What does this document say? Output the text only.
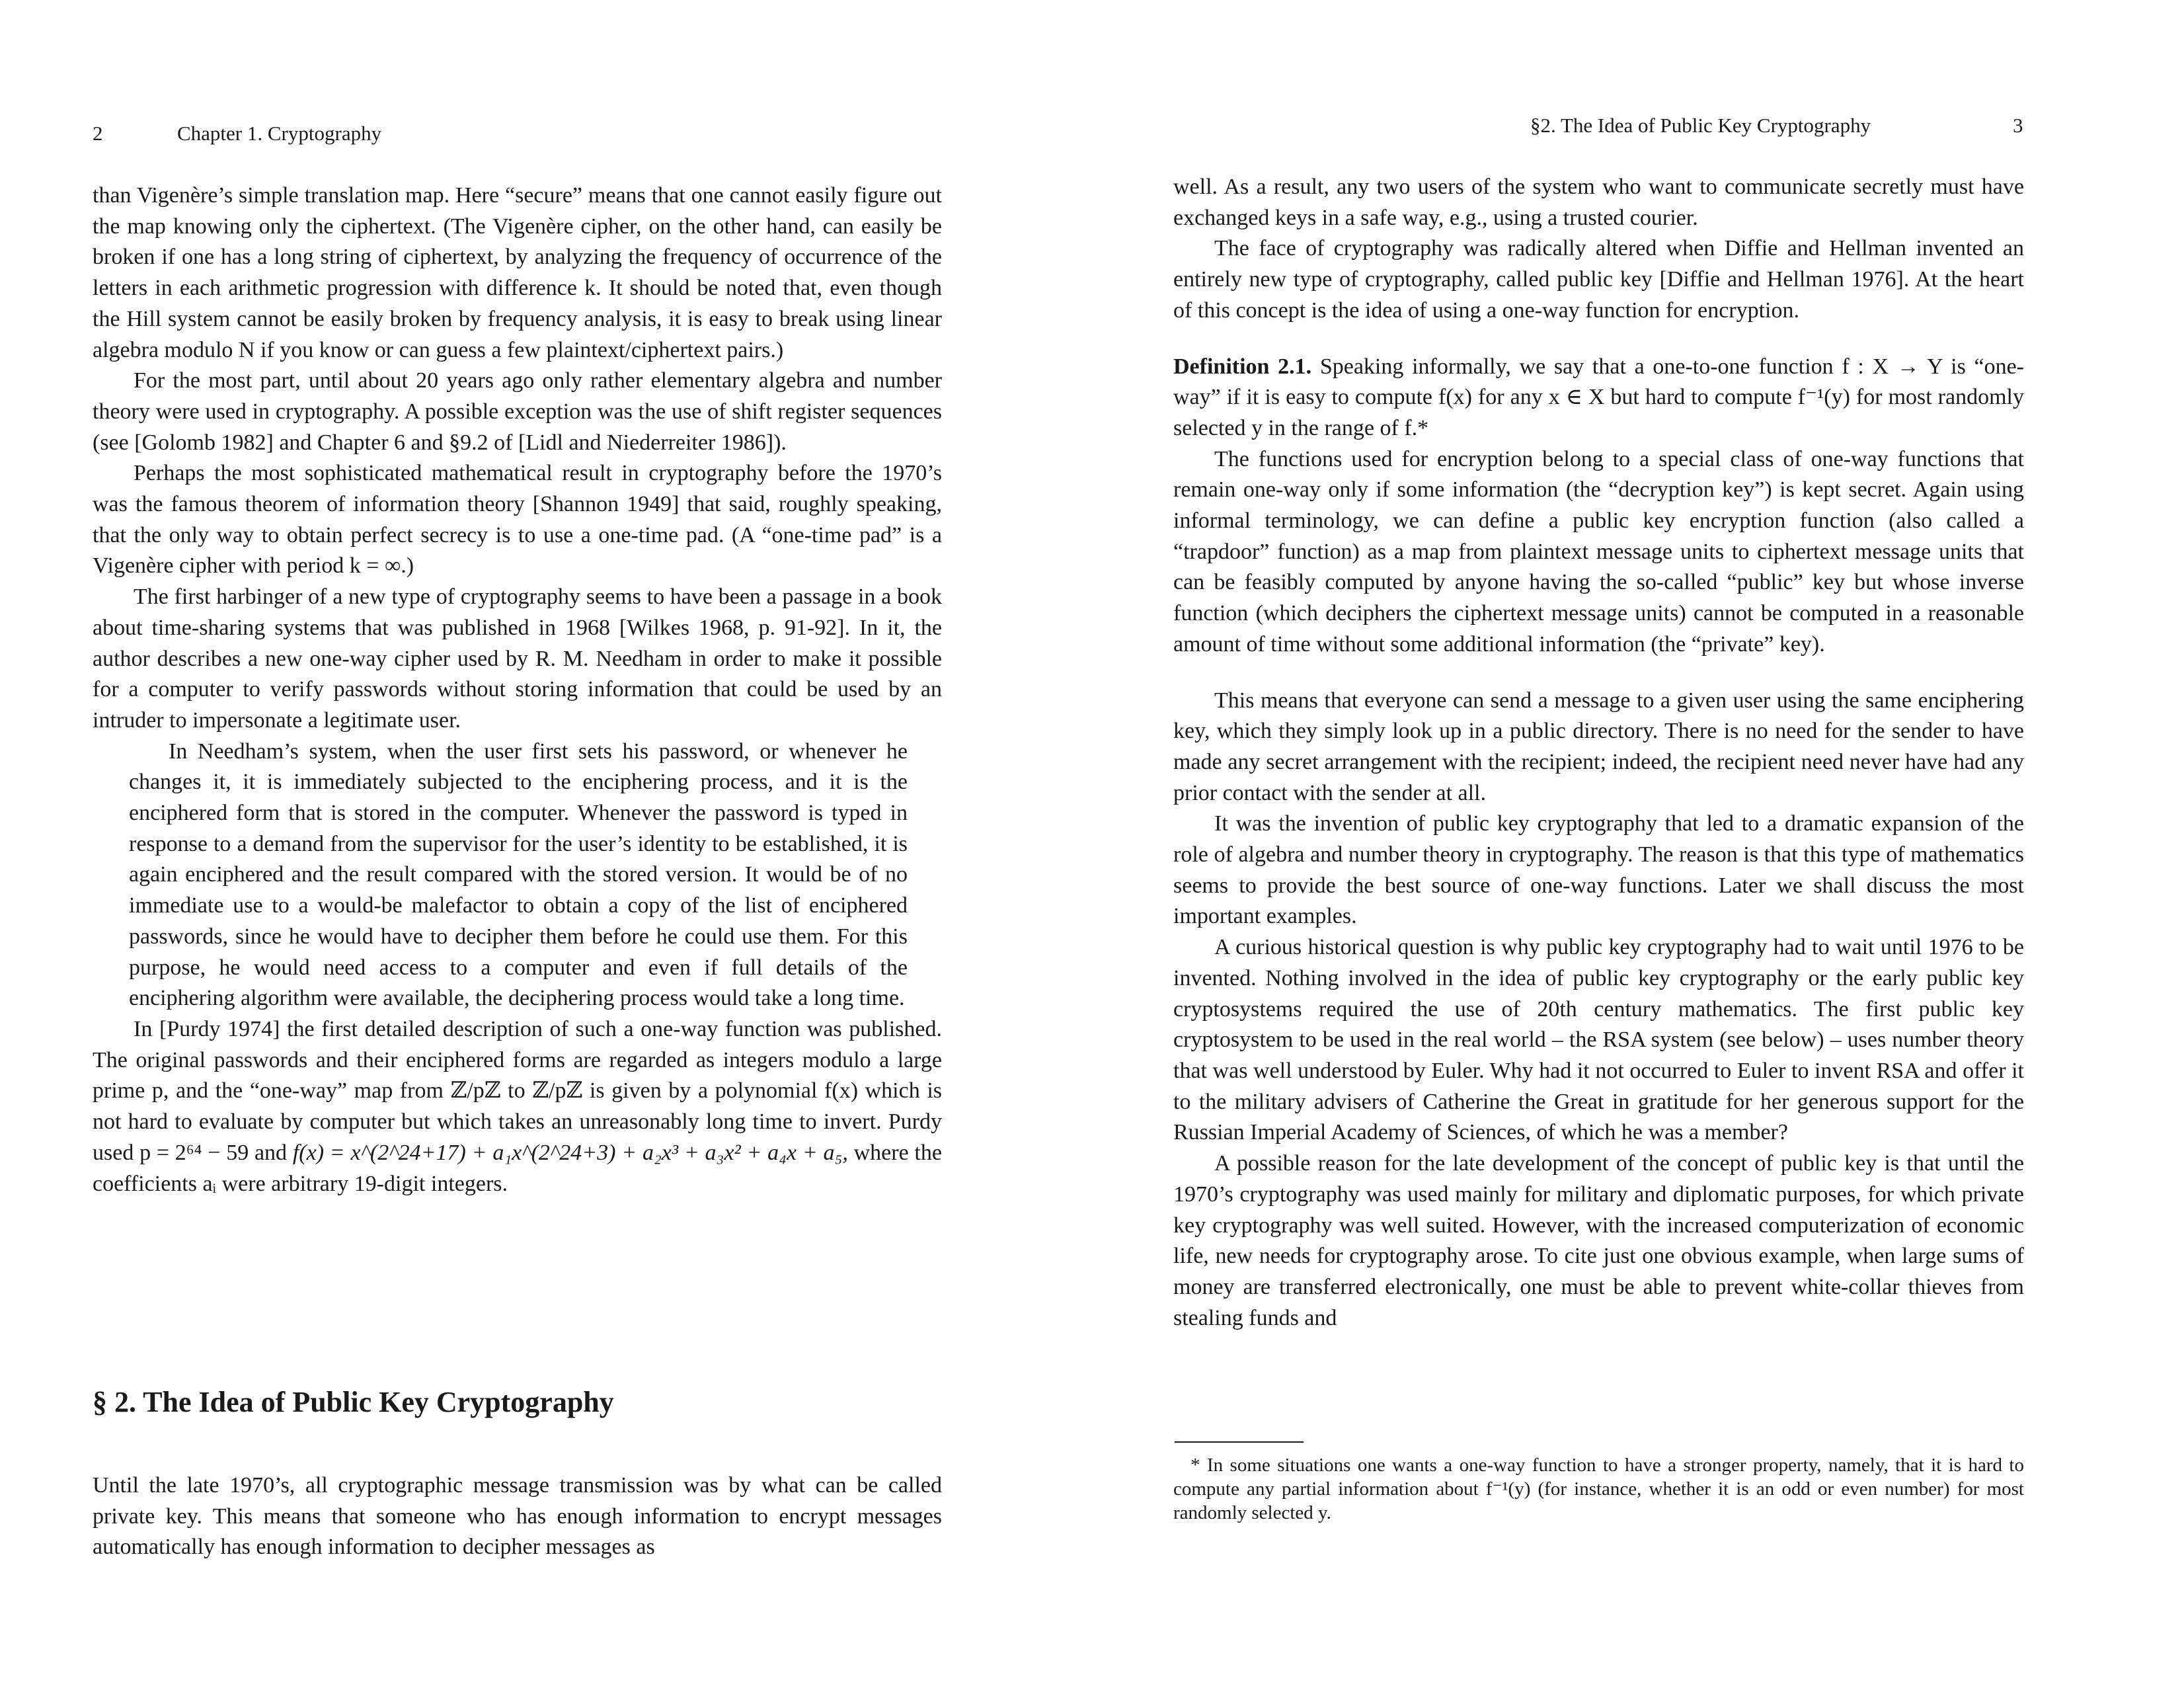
2	Chapter 1. Cryptography

than Vigenère’s simple translation map. Here “secure” means that one cannot easily figure out the map knowing only the ciphertext. (The Vigenère cipher, on the other hand, can easily be broken if one has a long string of ciphertext, by analyzing the frequency of occurrence of the letters in each arithmetic progression with difference k. It should be noted that, even though the Hill system cannot be easily broken by frequency analysis, it is easy to break using linear algebra modulo N if you know or can guess a few plaintext/ciphertext pairs.)

For the most part, until about 20 years ago only rather elementary algebra and number theory were used in cryptography. A possible exception was the use of shift register sequences (see [Golomb 1982] and Chapter 6 and §9.2 of [Lidl and Niederreiter 1986]).

Perhaps the most sophisticated mathematical result in cryptography before the 1970’s was the famous theorem of information theory [Shannon 1949] that said, roughly speaking, that the only way to obtain perfect secrecy is to use a one-time pad. (A “one-time pad” is a Vigenère cipher with period k = ∞.)

The first harbinger of a new type of cryptography seems to have been a passage in a book about time-sharing systems that was published in 1968 [Wilkes 1968, p. 91-92]. In it, the author describes a new one-way cipher used by R. M. Needham in order to make it possible for a computer to verify passwords without storing information that could be used by an intruder to impersonate a legitimate user.

In Needham’s system, when the user first sets his password, or whenever he changes it, it is immediately subjected to the enciphering process, and it is the enciphered form that is stored in the computer. Whenever the password is typed in response to a demand from the supervisor for the user’s identity to be established, it is again enciphered and the result compared with the stored version. It would be of no immediate use to a would-be malefactor to obtain a copy of the list of enciphered passwords, since he would have to decipher them before he could use them. For this purpose, he would need access to a computer and even if full details of the enciphering algorithm were available, the deciphering process would take a long time.

In [Purdy 1974] the first detailed description of such a one-way function was published. The original passwords and their enciphered forms are regarded as integers modulo a large prime p, and the “one-way” map from ℤ/pℤ to ℤ/pℤ is given by a polynomial f(x) which is not hard to evaluate by computer but which takes an unreasonably long time to invert. Purdy used p = 2⁶⁴ − 59 and f(x) = x^(2^24+17) + a₁x^(2^24+3) + a₂x³ + a₃x² + a₄x + a₅, where the coefficients aᵢ were arbitrary 19-digit integers.

§ 2. The Idea of Public Key Cryptography

Until the late 1970’s, all cryptographic message transmission was by what can be called private key. This means that someone who has enough information to encrypt messages automatically has enough information to decipher messages as

§2. The Idea of Public Key Cryptography	3

well. As a result, any two users of the system who want to communicate secretly must have exchanged keys in a safe way, e.g., using a trusted courier.

The face of cryptography was radically altered when Diffie and Hellman invented an entirely new type of cryptography, called public key [Diffie and Hellman 1976]. At the heart of this concept is the idea of using a one-way function for encryption.

Definition 2.1. Speaking informally, we say that a one-to-one function f : X → Y is “one-way” if it is easy to compute f(x) for any x ∈ X but hard to compute f⁻¹(y) for most randomly selected y in the range of f.*

The functions used for encryption belong to a special class of one-way functions that remain one-way only if some information (the “decryption key”) is kept secret. Again using informal terminology, we can define a public key encryption function (also called a “trapdoor” function) as a map from plaintext message units to ciphertext message units that can be feasibly computed by anyone having the so-called “public” key but whose inverse function (which deciphers the ciphertext message units) cannot be computed in a reasonable amount of time without some additional information (the “private” key).

This means that everyone can send a message to a given user using the same enciphering key, which they simply look up in a public directory. There is no need for the sender to have made any secret arrangement with the recipient; indeed, the recipient need never have had any prior contact with the sender at all.

It was the invention of public key cryptography that led to a dramatic expansion of the role of algebra and number theory in cryptography. The reason is that this type of mathematics seems to provide the best source of one-way functions. Later we shall discuss the most important examples.

A curious historical question is why public key cryptography had to wait until 1976 to be invented. Nothing involved in the idea of public key cryptography or the early public key cryptosystems required the use of 20th century mathematics. The first public key cryptosystem to be used in the real world – the RSA system (see below) – uses number theory that was well understood by Euler. Why had it not occurred to Euler to invent RSA and offer it to the military advisers of Catherine the Great in gratitude for her generous support for the Russian Imperial Academy of Sciences, of which he was a member?

A possible reason for the late development of the concept of public key is that until the 1970’s cryptography was used mainly for military and diplomatic purposes, for which private key cryptography was well suited. However, with the increased computerization of economic life, new needs for cryptography arose. To cite just one obvious example, when large sums of money are transferred electronically, one must be able to prevent white-collar thieves from stealing funds and

* In some situations one wants a one-way function to have a stronger property, namely, that it is hard to compute any partial information about f⁻¹(y) (for instance, whether it is an odd or even number) for most randomly selected y.
